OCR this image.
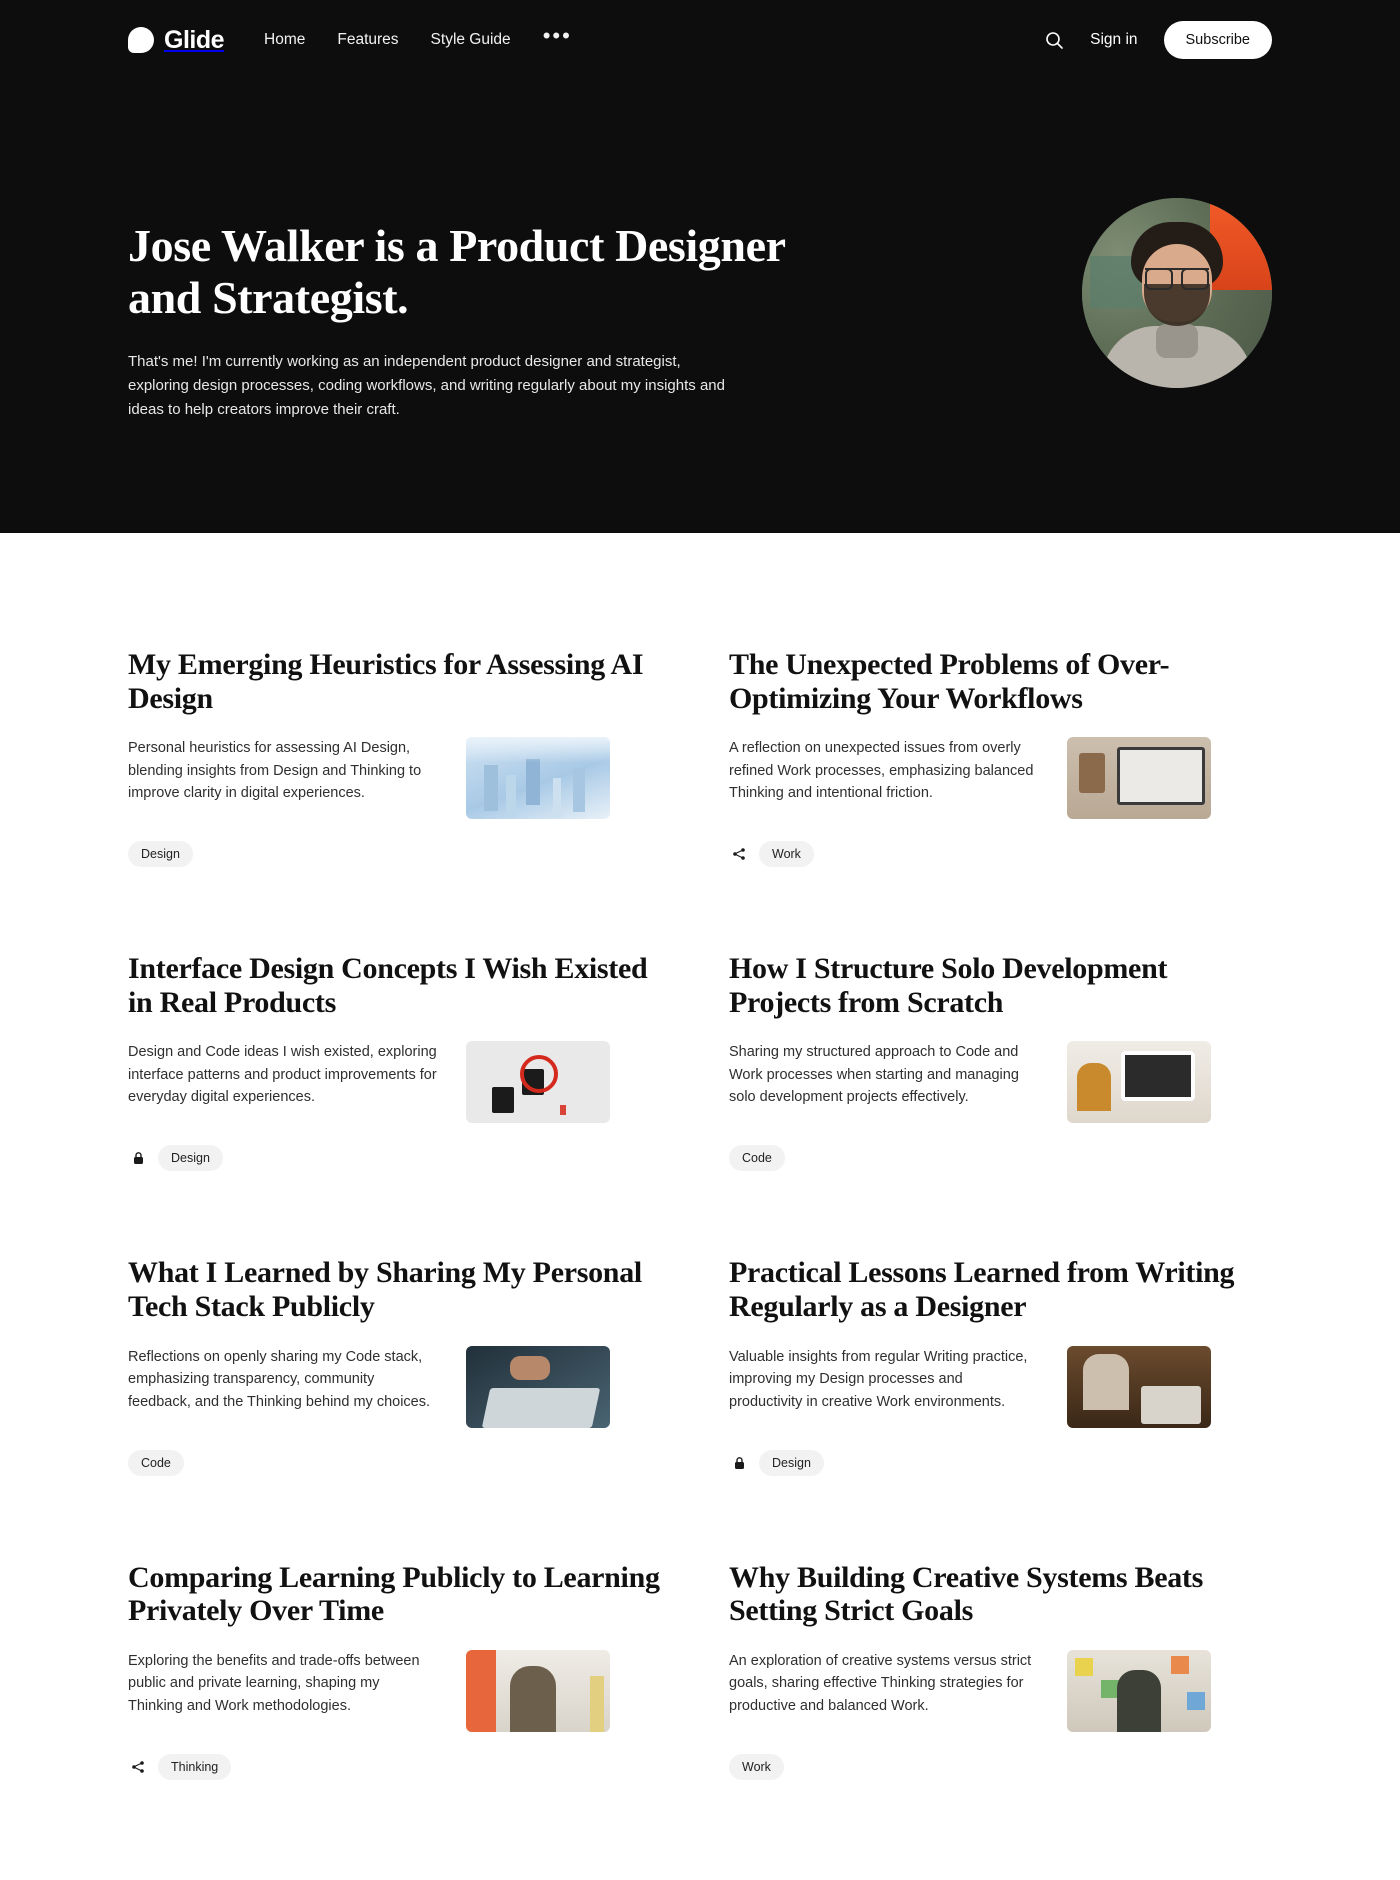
Glide	Home Features Style Guide •••	Sign in	Subscribe
Jose Walker is a Product Designer and Strategist.

That's me! I'm currently working as an independent product designer and strategist, exploring design processes, coding workflows, and writing regularly about my insights and ideas to help creators improve their craft.

My Emerging Heuristics for Assessing AI Design

Personal heuristics for assessing AI Design, blending insights from Design and Thinking to improve clarity in digital experiences.

Design
The Unexpected Problems of Over-Optimizing Your Workflows

A reflection on unexpected issues from overly refined Work processes, emphasizing balanced Thinking and intentional friction.

Work
Interface Design Concepts I Wish Existed in Real Products

Design and Code ideas I wish existed, exploring interface patterns and product improvements for everyday digital experiences.

Design
How I Structure Solo Development Projects from Scratch

Sharing my structured approach to Code and Work processes when starting and managing solo development projects effectively.

Code
What I Learned by Sharing My Personal Tech Stack Publicly

Reflections on openly sharing my Code stack, emphasizing transparency, community feedback, and the Thinking behind my choices.

Code
Practical Lessons Learned from Writing Regularly as a Designer

Valuable insights from regular Writing practice, improving my Design processes and productivity in creative Work environments.

Design
Comparing Learning Publicly to Learning Privately Over Time

Exploring the benefits and trade-offs between public and private learning, shaping my Thinking and Work methodologies.

Thinking
Why Building Creative Systems Beats Setting Strict Goals

An exploration of creative systems versus strict goals, sharing effective Thinking strategies for productive and balanced Work.

Work
